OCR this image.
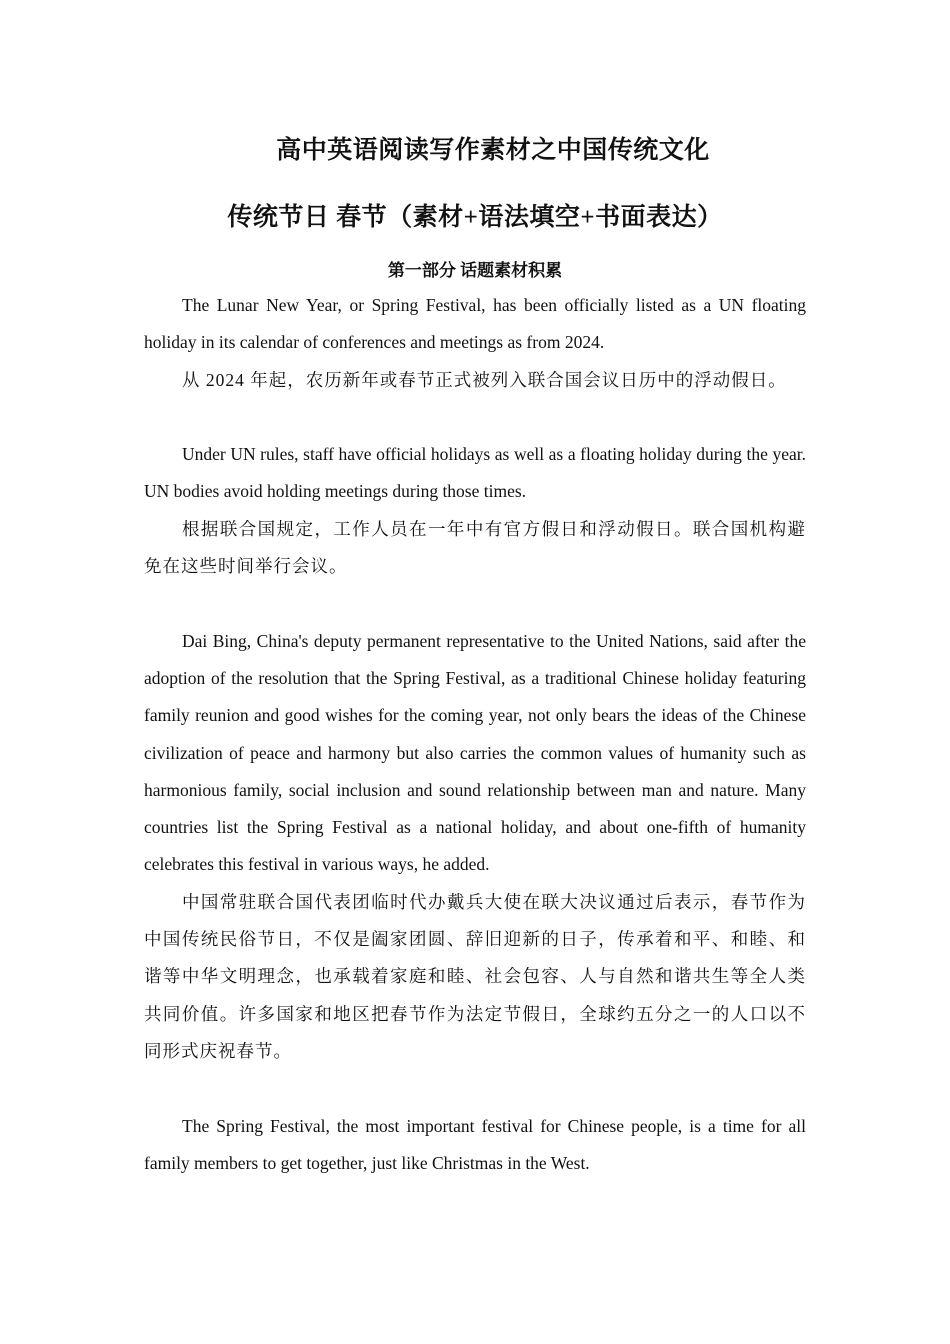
高中英语阅读写作素材之中国传统文化
传统节日 春节（素材+语法填空+书面表达）
第一部分 话题素材积累

The Lunar New Year, or Spring Festival, has been officially listed as a UN floating holiday in its calendar of conferences and meetings as from 2024.

从 2024 年起，农历新年或春节正式被列入联合国会议日历中的浮动假日。

Under UN rules, staff have official holidays as well as a floating holiday during the year. UN bodies avoid holding meetings during those times.

根据联合国规定，工作人员在一年中有官方假日和浮动假日。联合国机构避免在这些时间举行会议。

Dai Bing, China's deputy permanent representative to the United Nations, said after the adoption of the resolution that the Spring Festival, as a traditional Chinese holiday featuring family reunion and good wishes for the coming year, not only bears the ideas of the Chinese civilization of peace and harmony but also carries the common values of humanity such as harmonious family, social inclusion and sound relationship between man and nature. Many countries list the Spring Festival as a national holiday, and about one-fifth of humanity celebrates this festival in various ways, he added.

中国常驻联合国代表团临时代办戴兵大使在联大决议通过后表示，春节作为中国传统民俗节日，不仅是阖家团圆、辞旧迎新的日子，传承着和平、和睦、和谐等中华文明理念，也承载着家庭和睦、社会包容、人与自然和谐共生等全人类共同价值。许多国家和地区把春节作为法定节假日，全球约五分之一的人口以不同形式庆祝春节。

The Spring Festival, the most important festival for Chinese people, is a time for all family members to get together, just like Christmas in the West.
